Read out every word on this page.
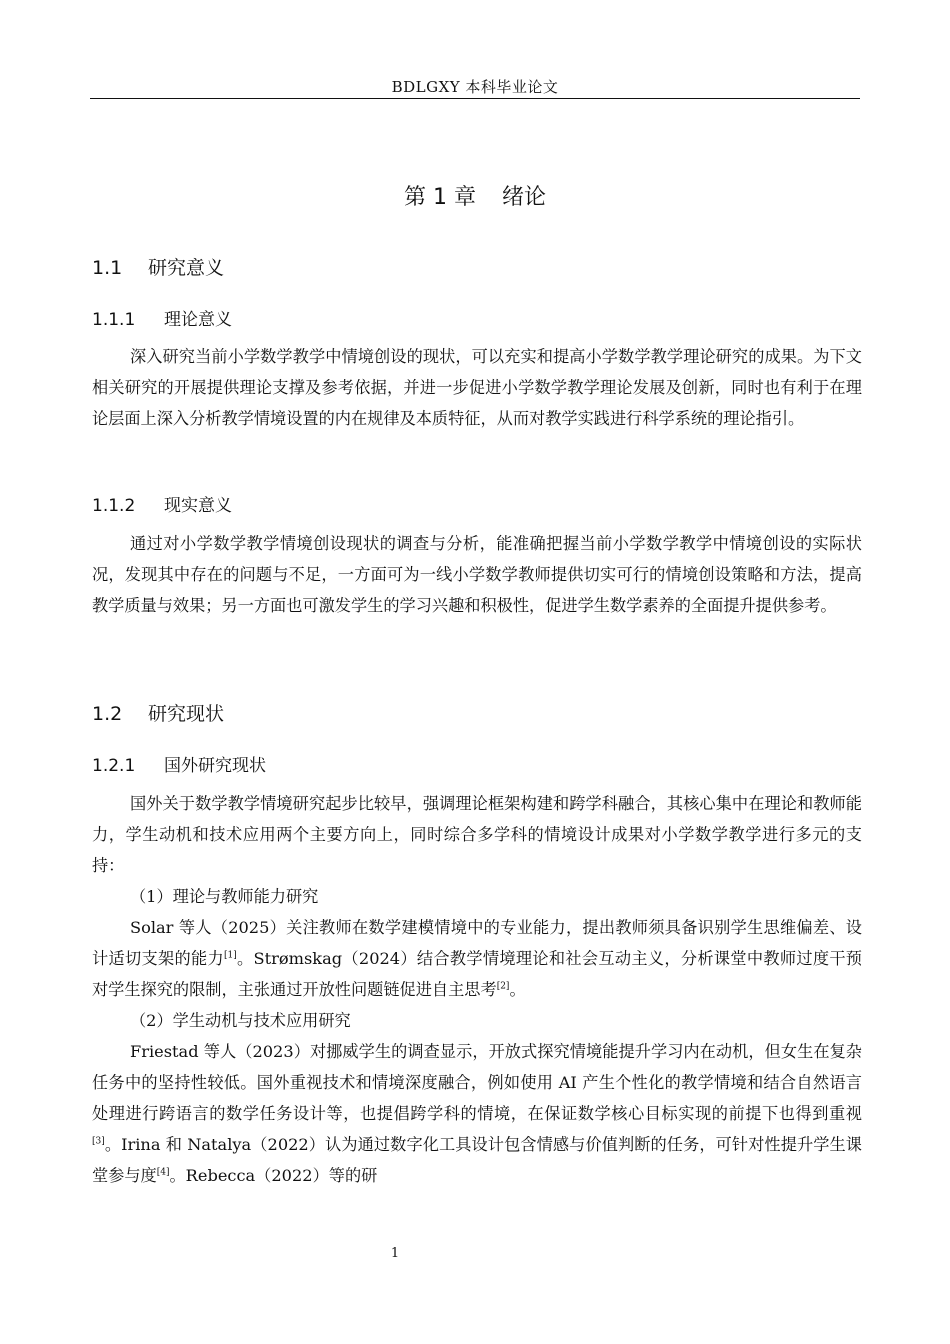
BDLGXY 本科毕业论文
第 1 章 绪论
1.1 研究意义
1.1.1 理论意义

深入研究当前小学数学教学中情境创设的现状，可以充实和提高小学数学教学理论研究的成果。为下文相关研究的开展提供理论支撑及参考依据，并进一步促进小学数学教学理论发展及创新，同时也有利于在理论层面上深入分析教学情境设置的内在规律及本质特征，从而对教学实践进行科学系统的理论指引。

1.1.2 现实意义

通过对小学数学教学情境创设现状的调查与分析，能准确把握当前小学数学教学中情境创设的实际状况，发现其中存在的问题与不足，一方面可为一线小学数学教师提供切实可行的情境创设策略和方法，提高教学质量与效果；另一方面也可激发学生的学习兴趣和积极性，促进学生数学素养的全面提升提供参考。

1.2 研究现状
1.2.1 国外研究现状

国外关于数学教学情境研究起步比较早，强调理论框架构建和跨学科融合，其核心集中在理论和教师能力，学生动机和技术应用两个主要方向上，同时综合多学科的情境设计成果对小学数学教学进行多元的支持：

（1）理论与教师能力研究

Solar 等人（2025）关注教师在数学建模情境中的专业能力，提出教师须具备识别学生思维偏差、设计适切支架的能力[1]。Strømskag（2024）结合教学情境理论和社会互动主义，分析课堂中教师过度干预对学生探究的限制，主张通过开放性问题链促进自主思考[2]。

（2）学生动机与技术应用研究

Friestad 等人（2023）对挪威学生的调查显示，开放式探究情境能提升学习内在动机，但女生在复杂任务中的坚持性较低。国外重视技术和情境深度融合，例如使用 AI 产生个性化的教学情境和结合自然语言处理进行跨语言的数学任务设计等，也提倡跨学科的情境，在保证数学核心目标实现的前提下也得到重视[3]。Irina 和 Natalya（2022）认为通过数字化工具设计包含情感与价值判断的任务，可针对性提升学生课堂参与度[4]。Rebecca（2022）等的研

1
